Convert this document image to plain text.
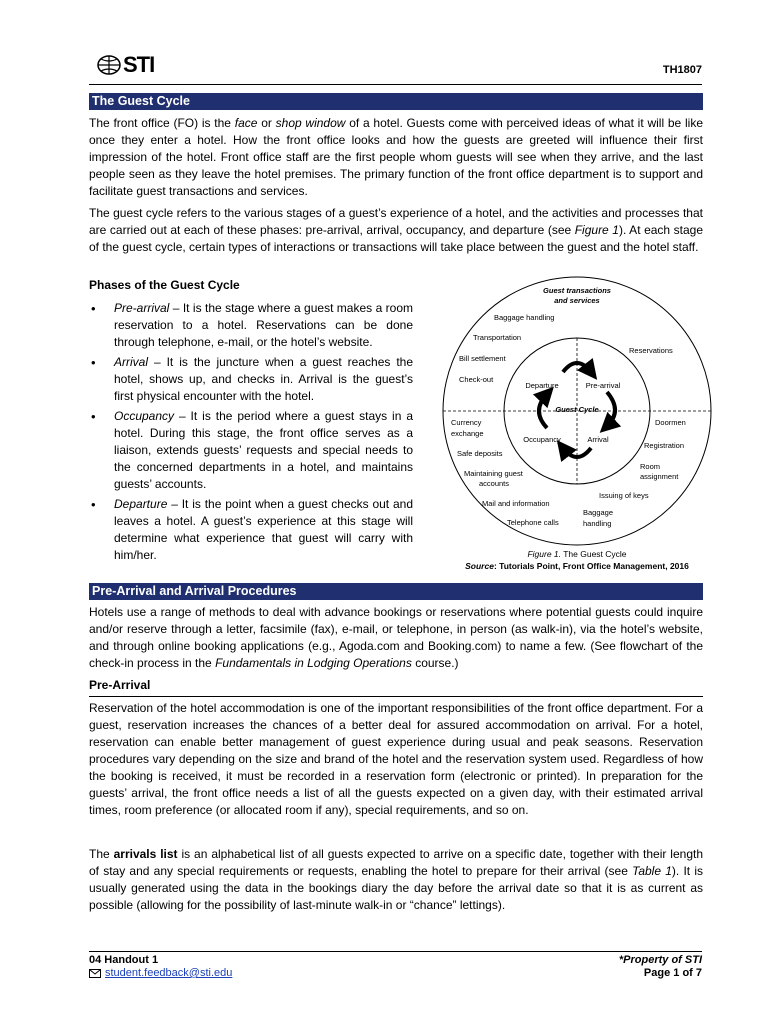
STI	TH1807
The Guest Cycle
The front office (FO) is the face or shop window of a hotel. Guests come with perceived ideas of what it will be like once they enter a hotel. How the front office looks and how the guests are greeted will influence their first impression of the hotel. Front office staff are the first people whom guests will see when they arrive, and the last people seen as they leave the hotel premises. The primary function of the front office department is to support and facilitate guest transactions and services.
The guest cycle refers to the various stages of a guest’s experience of a hotel, and the activities and processes that are carried out at each of these phases: pre-arrival, arrival, occupancy, and departure (see Figure 1). At each stage of the guest cycle, certain types of interactions or transactions will take place between the guest and the hotel staff.
Phases of the Guest Cycle
• Pre-arrival – It is the stage where a guest makes a room reservation to a hotel. Reservations can be done through telephone, e-mail, or the hotel’s website.
• Arrival – It is the juncture when a guest reaches the hotel, shows up, and checks in. Arrival is the guest’s first physical encounter with the hotel.
• Occupancy – It is the period where a guest stays in a hotel. During this stage, the front office serves as a liaison, extends guests’ requests and special needs to the concerned departments in a hotel, and maintains guests’ accounts.
• Departure – It is the point when a guest checks out and leaves a hotel. A guest’s experience at this stage will determine what experience that guest will carry with him/her.
Guest transactions
and services
Guest Cycle
Departure	Pre-arrival
Occupancy	Arrival
Baggage handling
Transportation
Reservations
Bill settlement
Check-out
Currency
exchange
Doormen
Registration
Safe deposits
Room
assignment
Maintaining guest
accounts
Issuing of keys
Mail and information
Baggage
handling
Telephone calls
Figure 1. The Guest Cycle
Source: Tutorials Point, Front Office Management, 2016
Pre-Arrival and Arrival Procedures
Hotels use a range of methods to deal with advance bookings or reservations where potential guests could inquire and/or reserve through a letter, facsimile (fax), e-mail, or telephone, in person (as walk-in), via the hotel’s website, and through online booking applications (e.g., Agoda.com and Booking.com) to name a few. (See flowchart of the check-in process in the Fundamentals in Lodging Operations course.)
Pre-Arrival
Reservation of the hotel accommodation is one of the important responsibilities of the front office department. For a guest, reservation increases the chances of a better deal for assured accommodation on arrival. For a hotel, reservation can enable better management of guest experience during usual and peak seasons. Reservation procedures vary depending on the size and brand of the hotel and the reservation system used. Regardless of how the booking is received, it must be recorded in a reservation form (electronic or printed). In preparation for the guests’ arrival, the front office needs a list of all the guests expected on a given day, with their estimated arrival times, room preference (or allocated room if any), special requirements, and so on.
The arrivals list is an alphabetical list of all guests expected to arrive on a specific date, together with their length of stay and any special requirements or requests, enabling the hotel to prepare for their arrival (see Table 1). It is usually generated using the data in the bookings diary the day before the arrival date so that it is as current as possible (allowing for the possibility of last-minute walk-in or “chance” lettings).
04 Handout 1
student.feedback@sti.edu
*Property of STI
Page 1 of 7
